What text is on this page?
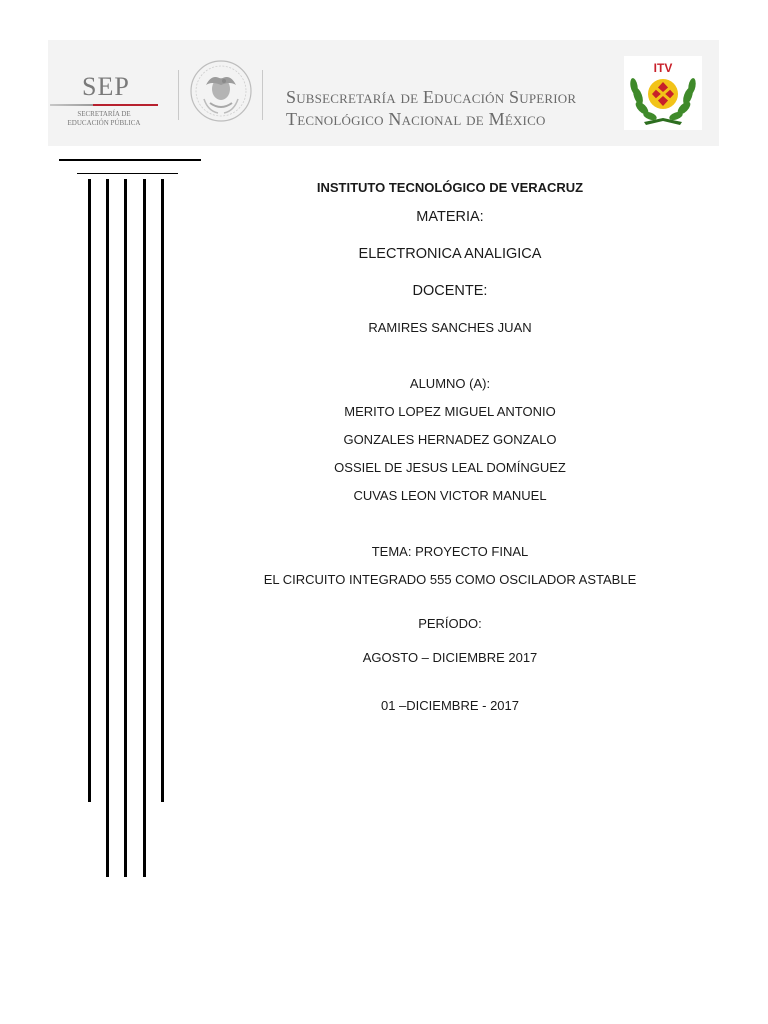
SEP
SECRETARÍA DE
EDUCACIÓN PÚBLICA
Subsecretaría de Educación Superior
Tecnológico Nacional de México
ITV
INSTITUTO TECNOLÓGICO DE VERACRUZ
MATERIA:
ELECTRONICA ANALIGICA
DOCENTE:
RAMIRES SANCHES JUAN
ALUMNO (A):
MERITO LOPEZ MIGUEL ANTONIO
GONZALES HERNADEZ GONZALO
OSSIEL DE JESUS LEAL DOMÍNGUEZ
CUVAS LEON VICTOR MANUEL
TEMA: PROYECTO FINAL
EL CIRCUITO INTEGRADO 555 COMO OSCILADOR ASTABLE
PERÍODO:
AGOSTO – DICIEMBRE 2017
01 –DICIEMBRE - 2017
